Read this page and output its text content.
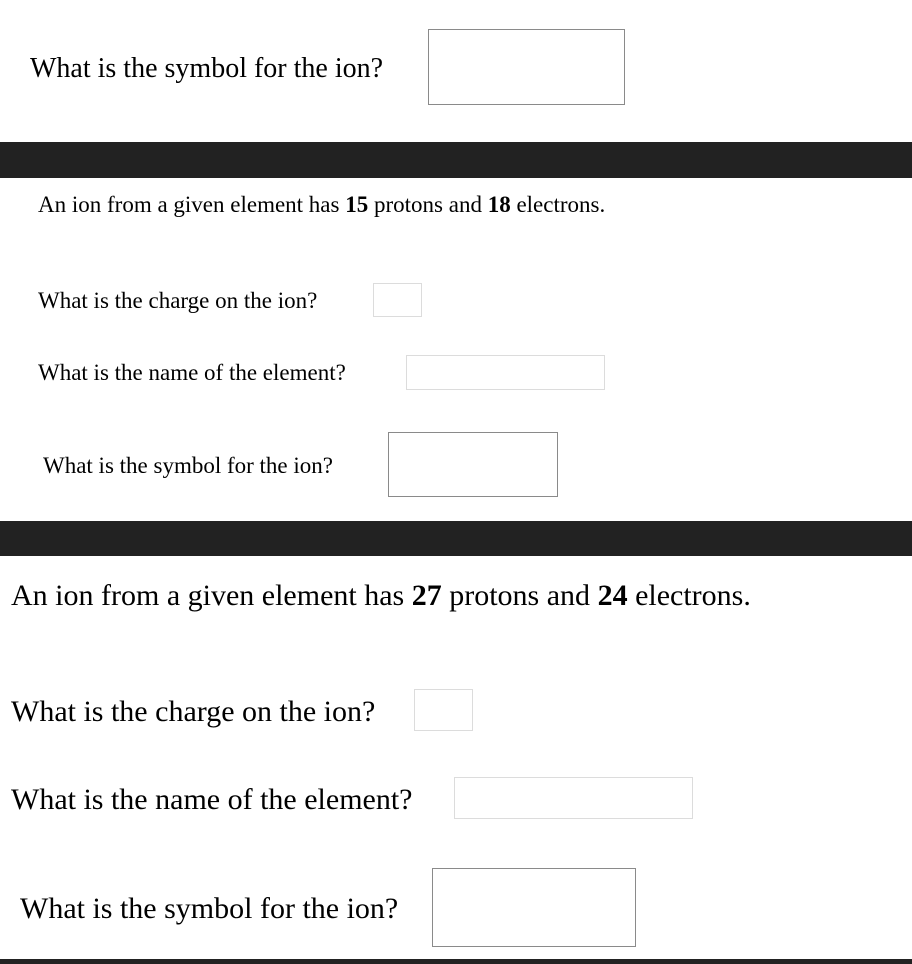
What is the symbol for the ion?
An ion from a given element has 15 protons and 18 electrons.
What is the charge on the ion?
What is the name of the element?
What is the symbol for the ion?
An ion from a given element has 27 protons and 24 electrons.
What is the charge on the ion?
What is the name of the element?
What is the symbol for the ion?
